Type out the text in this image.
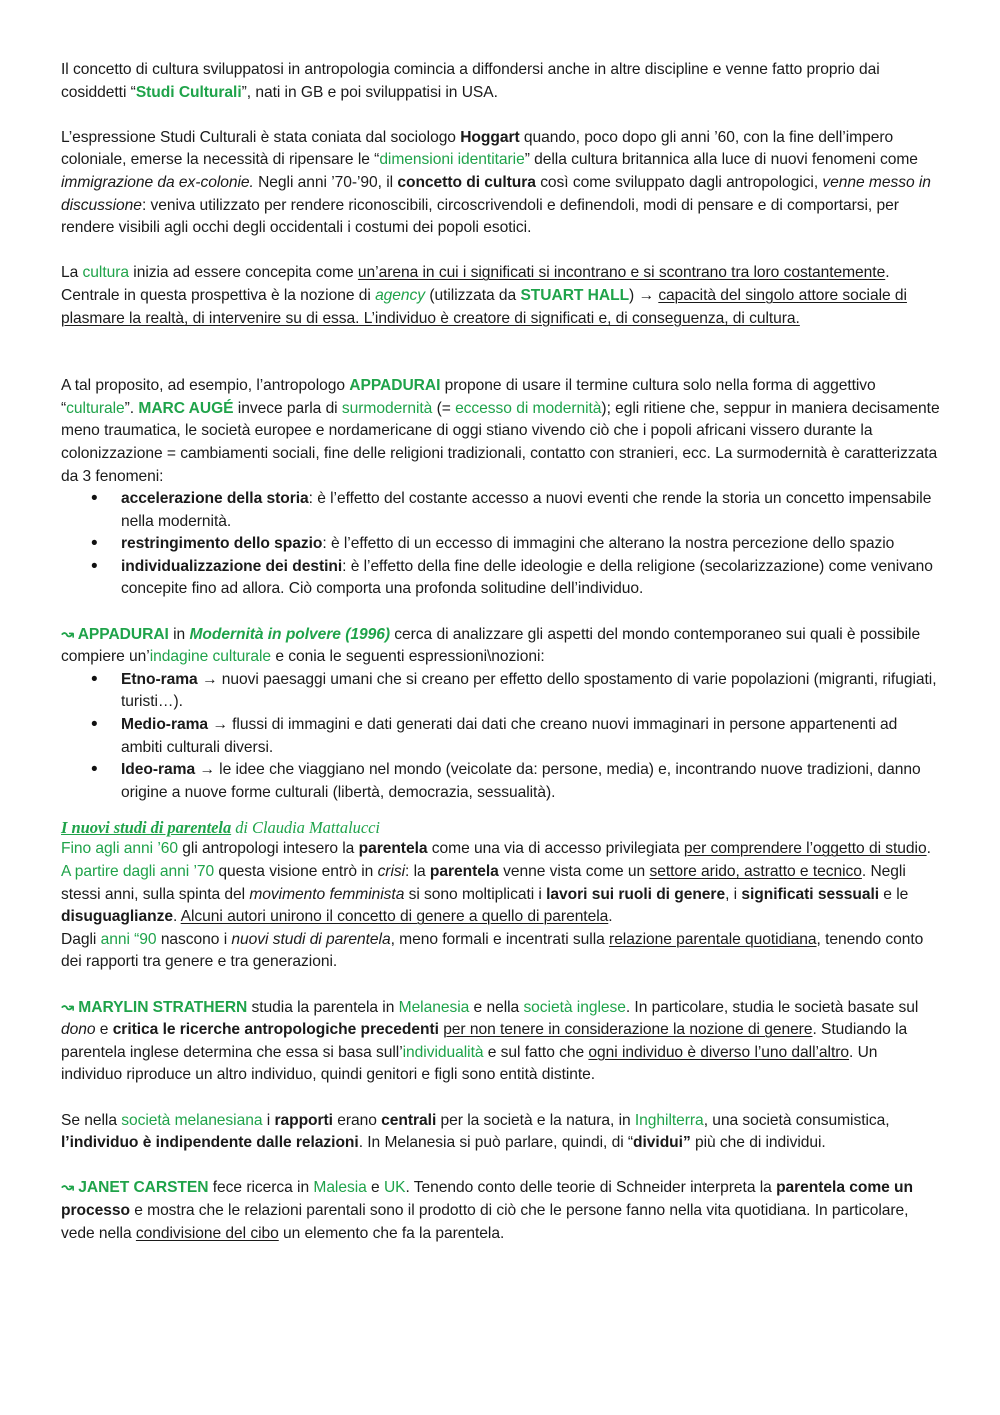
Il concetto di cultura sviluppatosi in antropologia comincia a diffondersi anche in altre discipline e venne fatto proprio dai cosiddetti “Studi Culturali”, nati in GB e poi sviluppatisi in USA.

L’espressione Studi Culturali è stata coniata dal sociologo Hoggart quando, poco dopo gli anni ’60, con la fine dell’impero coloniale, emerse la necessità di ripensare le “dimensioni identitarie” della cultura britannica alla luce di nuovi fenomeni come immigrazione da ex-colonie. Negli anni ’70-’90, il concetto di cultura così come sviluppato dagli antropologici, venne messo in discussione: veniva utilizzato per rendere riconoscibili, circoscrivendoli e definendoli, modi di pensare e di comportarsi, per rendere visibili agli occhi degli occidentali i costumi dei popoli esotici.

La cultura inizia ad essere concepita come un’arena in cui i significati si incontrano e si scontrano tra loro costantemente. Centrale in questa prospettiva è la nozione di agency (utilizzata da STUART HALL) → capacità del singolo attore sociale di plasmare la realtà, di intervenire su di essa. L’individuo è creatore di significati e, di conseguenza, di cultura.

A tal proposito, ad esempio, l’antropologo APPADURAI propone di usare il termine cultura solo nella forma di aggettivo “culturale”. MARC AUGÉ invece parla di surmodernità (= eccesso di modernità); egli ritiene che, seppur in maniera decisamente meno traumatica, le società europee e nordamericane di oggi stiano vivendo ciò che i popoli africani vissero durante la colonizzazione = cambiamenti sociali, fine delle religioni tradizionali, contatto con stranieri, ecc. La surmodernità è caratterizzata da 3 fenomeni:

• accelerazione della storia: è l’effetto del costante accesso a nuovi eventi che rende la storia un concetto impensabile nella modernità.
• restringimento dello spazio: è l’effetto di un eccesso di immagini che alterano la nostra percezione dello spazio
• individualizzazione dei destini: è l’effetto della fine delle ideologie e della religione (secolarizzazione) come venivano concepite fino ad allora. Ciò comporta una profonda solitudine dell’individuo.

↝ APPADURAI in Modernità in polvere (1996) cerca di analizzare gli aspetti del mondo contemporaneo sui quali è possibile compiere un’indagine culturale e conia le seguenti espressioni\nozioni:

• Etno-rama → nuovi paesaggi umani che si creano per effetto dello spostamento di varie popolazioni (migranti, rifugiati, turisti…).
• Medio-rama → flussi di immagini e dati generati dai dati che creano nuovi immaginari in persone appartenenti ad ambiti culturali diversi.
• Ideo-rama → le idee che viaggiano nel mondo (veicolate da: persone, media) e, incontrando nuove tradizioni, danno origine a nuove forme culturali (libertà, democrazia, sessualità).

I nuovi studi di parentela di Claudia Mattalucci

Fino agli anni ’60 gli antropologi intesero la parentela come una via di accesso privilegiata per comprendere l’oggetto di studio. A partire dagli anni ’70 questa visione entrò in crisi: la parentela venne vista come un settore arido, astratto e tecnico. Negli stessi anni, sulla spinta del movimento femminista si sono moltiplicati i lavori sui ruoli di genere, i significati sessuali e le disuguaglianze. Alcuni autori unirono il concetto di genere a quello di parentela.

Dagli anni “90 nascono i nuovi studi di parentela, meno formali e incentrati sulla relazione parentale quotidiana, tenendo conto dei rapporti tra genere e tra generazioni.

↝ MARYLIN STRATHERN studia la parentela in Melanesia e nella società inglese. In particolare, studia le società basate sul dono e critica le ricerche antropologiche precedenti per non tenere in considerazione la nozione di genere. Studiando la parentela inglese determina che essa si basa sull’individualità e sul fatto che ogni individuo è diverso l’uno dall’altro. Un individuo riproduce un altro individuo, quindi genitori e figli sono entità distinte.

Se nella società melanesiana i rapporti erano centrali per la società e la natura, in Inghilterra, una società consumistica, l’individuo è indipendente dalle relazioni. In Melanesia si può parlare, quindi, di “dividui” più che di individui.

↝ JANET CARSTEN fece ricerca in Malesia e UK. Tenendo conto delle teorie di Schneider interpreta la parentela come un processo e mostra che le relazioni parentali sono il prodotto di ciò che le persone fanno nella vita quotidiana. In particolare, vede nella condivisione del cibo un elemento che fa la parentela.
